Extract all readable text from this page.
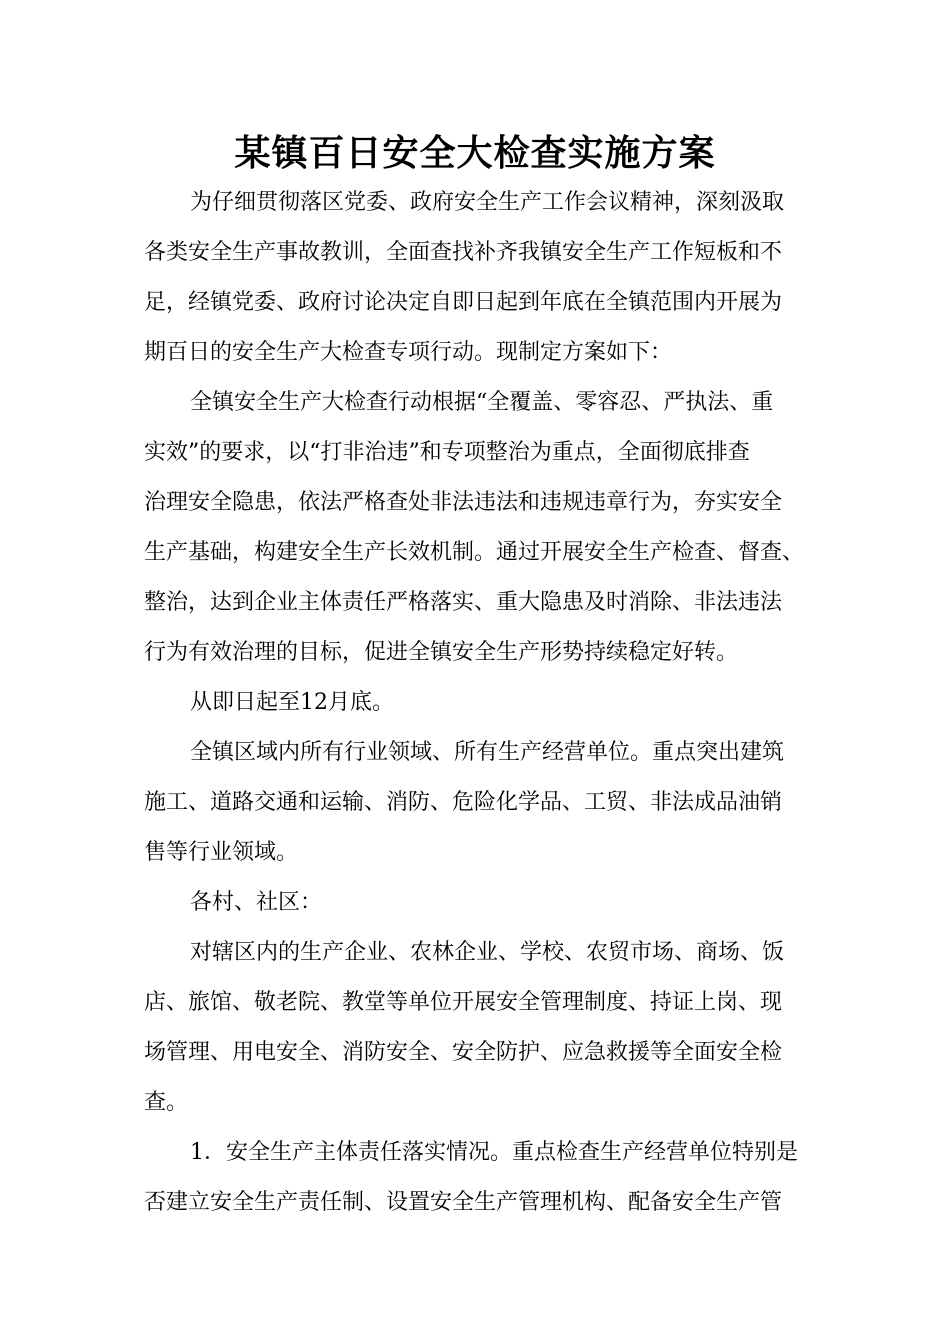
某镇百日安全大检查实施方案
为仔细贯彻落区党委、政府安全生产工作会议精神，深刻汲取
各类安全生产事故教训，全面查找补齐我镇安全生产工作短板和不
足，经镇党委、政府讨论决定自即日起到年底在全镇范围内开展为
期百日的安全生产大检查专项行动。现制定方案如下：
全镇安全生产大检查行动根据“全覆盖、零容忍、严执法、重
实效”的要求，以“打非治违”和专项整治为重点，全面彻底排查
治理安全隐患，依法严格查处非法违法和违规违章行为，夯实安全
生产基础，构建安全生产长效机制。通过开展安全生产检查、督查、
整治，达到企业主体责任严格落实、重大隐患及时消除、非法违法
行为有效治理的目标，促进全镇安全生产形势持续稳定好转。
从即日起至12月底。
全镇区域内所有行业领域、所有生产经营单位。重点突出建筑
施工、道路交通和运输、消防、危险化学品、工贸、非法成品油销
售等行业领域。
各村、社区：
对辖区内的生产企业、农林企业、学校、农贸市场、商场、饭
店、旅馆、敬老院、教堂等单位开展安全管理制度、持证上岗、现
场管理、用电安全、消防安全、安全防护、应急救援等全面安全检
查。
1．安全生产主体责任落实情况。重点检查生产经营单位特别是
否建立安全生产责任制、设置安全生产管理机构、配备安全生产管
